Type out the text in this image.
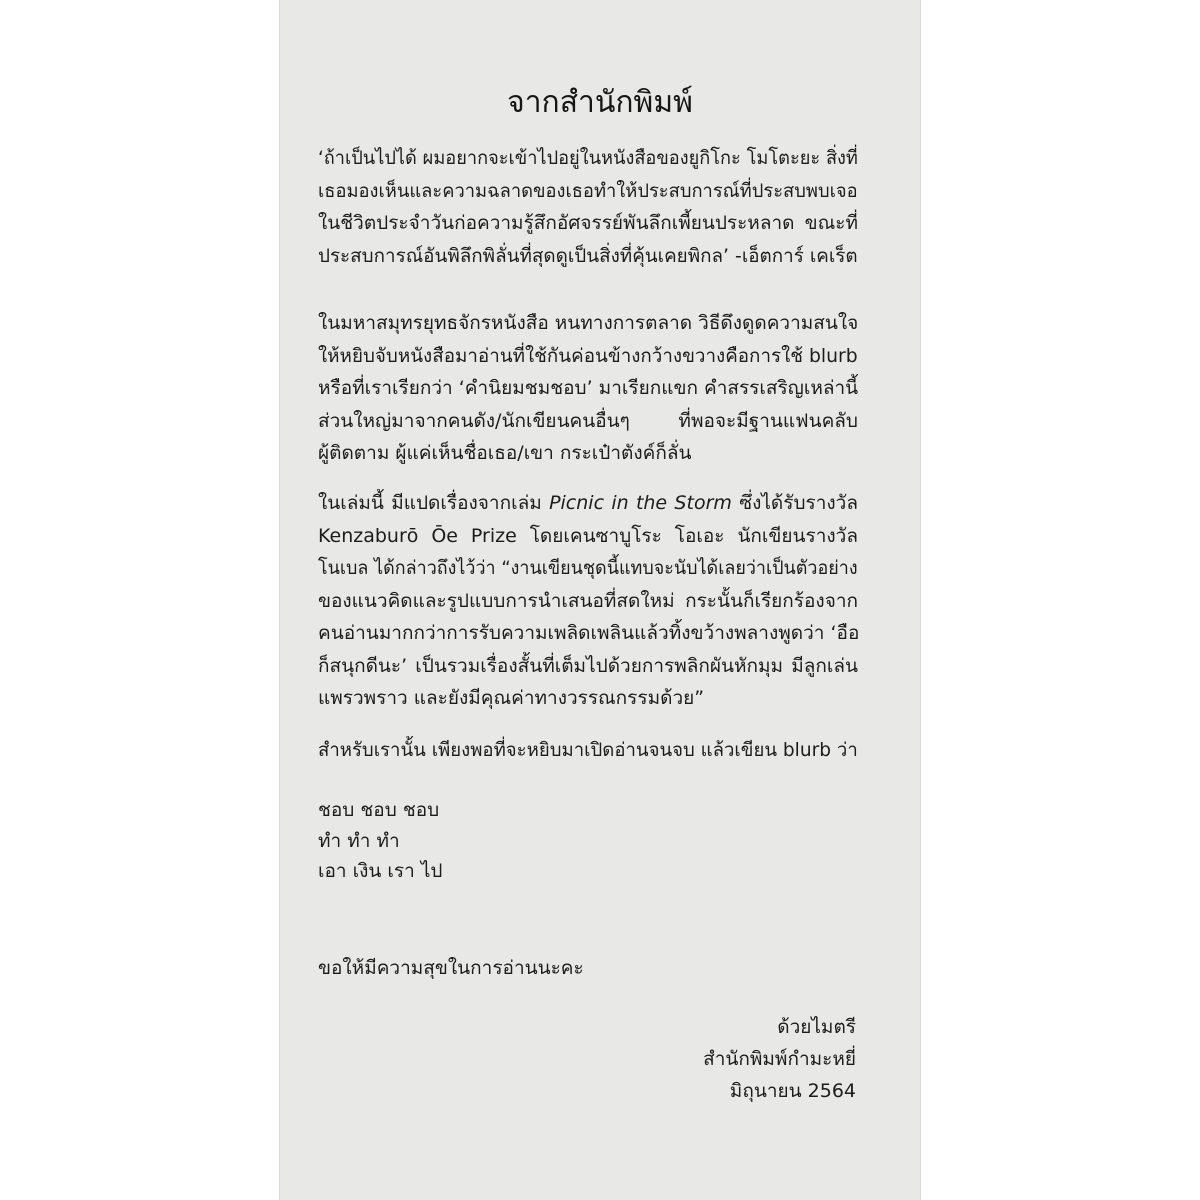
จากสำนักพิมพ์
‘ถ้าเป็นไปได้ ผมอยากจะเข้าไปอยู่ในหนังสือของยูกิโกะ โมโตะยะ สิ่งที่
เธอมองเห็นและความฉลาดของเธอทำให้ประสบการณ์ที่ประสบพบเจอ
ในชีวิตประจำวันก่อความรู้สึกอัศจรรย์พันลึกเพี้ยนประหลาด ขณะที่
ประสบการณ์อันพิลึกพิลั่นที่สุดดูเป็นสิ่งที่คุ้นเคยพิกล’ -เอ็ตการ์ เคเร็ต
ในมหาสมุทรยุทธจักรหนังสือ หนทางการตลาด วิธีดึงดูดความสนใจ
ให้หยิบจับหนังสือมาอ่านที่ใช้กันค่อนข้างกว้างขวางคือการใช้ blurb
หรือที่เราเรียกว่า ‘คำนิยมชมชอบ’ มาเรียกแขก คำสรรเสริญเหล่านี้
ส่วนใหญ่มาจากคนดัง/นักเขียนคนอื่นๆ ที่พอจะมีฐานแฟนคลับ
ผู้ติดตาม ผู้แค่เห็นชื่อเธอ/เขา กระเป๋าตังค์ก็ลั่น
ในเล่มนี้ มีแปดเรื่องจากเล่ม Picnic in the Storm ซึ่งได้รับรางวัล
Kenzaburō Ōe Prize โดยเคนซาบูโระ โอเอะ นักเขียนรางวัล
โนเบล ได้กล่าวถึงไว้ว่า “งานเขียนชุดนี้แทบจะนับได้เลยว่าเป็นตัวอย่าง
ของแนวคิดและรูปแบบการนำเสนอที่สดใหม่ กระนั้นก็เรียกร้องจาก
คนอ่านมากกว่าการรับความเพลิดเพลินแล้วทิ้งขว้างพลางพูดว่า ‘อือ
ก็สนุกดีนะ’ เป็นรวมเรื่องสั้นที่เต็มไปด้วยการพลิกผันหักมุม มีลูกเล่น
แพรวพราว และยังมีคุณค่าทางวรรณกรรมด้วย”
สำหรับเรานั้น เพียงพอที่จะหยิบมาเปิดอ่านจนจบ แล้วเขียน blurb ว่า
ชอบ ชอบ ชอบ
ทำ ทำ ทำ
เอา เงิน เรา ไป
ขอให้มีความสุขในการอ่านนะคะ
ด้วยไมตรี
สำนักพิมพ์กำมะหยี่
มิถุนายน 2564
